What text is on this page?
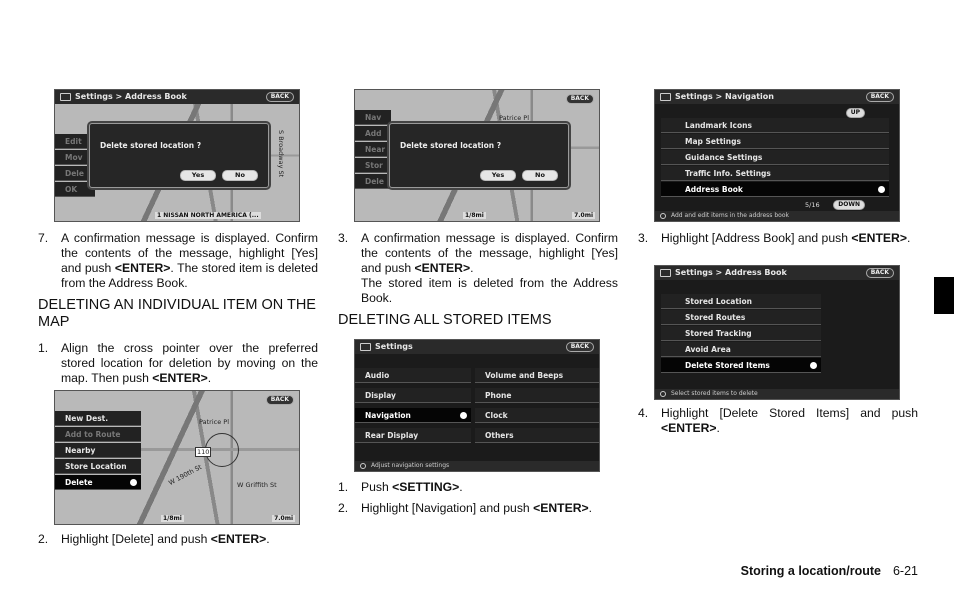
Settings > Address Book	BACK
Edit
Mov
Dele
OK
S Broadway St
Delete stored location ?
Yes	No
1 NISSAN NORTH AMERICA (...
7. A confirmation message is displayed. Confirm the contents of the message, highlight [Yes] and push <ENTER>. The stored item is deleted from the Address Book.
DELETING AN INDIVIDUAL ITEM ON THE MAP
1. Align the cross pointer over the preferred stored location for deletion by moving on the map. Then push <ENTER>.
BACK
Patrice Pl
W 190th St	W Griffith St
110
New Dest.
Add to Route
Nearby
Store Location
Delete
1/8mi	7.0mi
2. Highlight [Delete] and push <ENTER>.
BACK
Patrice Pl
Nav
Add
Near
Stor
Dele
Delete stored location ?
Yes	No
1/8mi	7.0mi
3. A confirmation message is displayed. Confirm the contents of the message, highlight [Yes] and push <ENTER>.
The stored item is deleted from the Address Book.
DELETING ALL STORED ITEMS
Settings	BACK
Audio
Display
Navigation
Rear Display
Volume and Beeps
Phone
Clock
Others
Adjust navigation settings
1. Push <SETTING>.
2. Highlight [Navigation] and push <ENTER>.
Settings > Navigation	BACK
UP
Landmark Icons
Map Settings
Guidance Settings
Traffic Info. Settings
Address Book
5/16	DOWN
Add and edit items in the address book
3. Highlight [Address Book] and push <ENTER>.
Settings > Address Book	BACK
Stored Location
Stored Routes
Stored Tracking
Avoid Area
Delete Stored Items
Select stored items to delete
4. Highlight [Delete Stored Items] and push <ENTER>.
Storing a location/route 6-21
